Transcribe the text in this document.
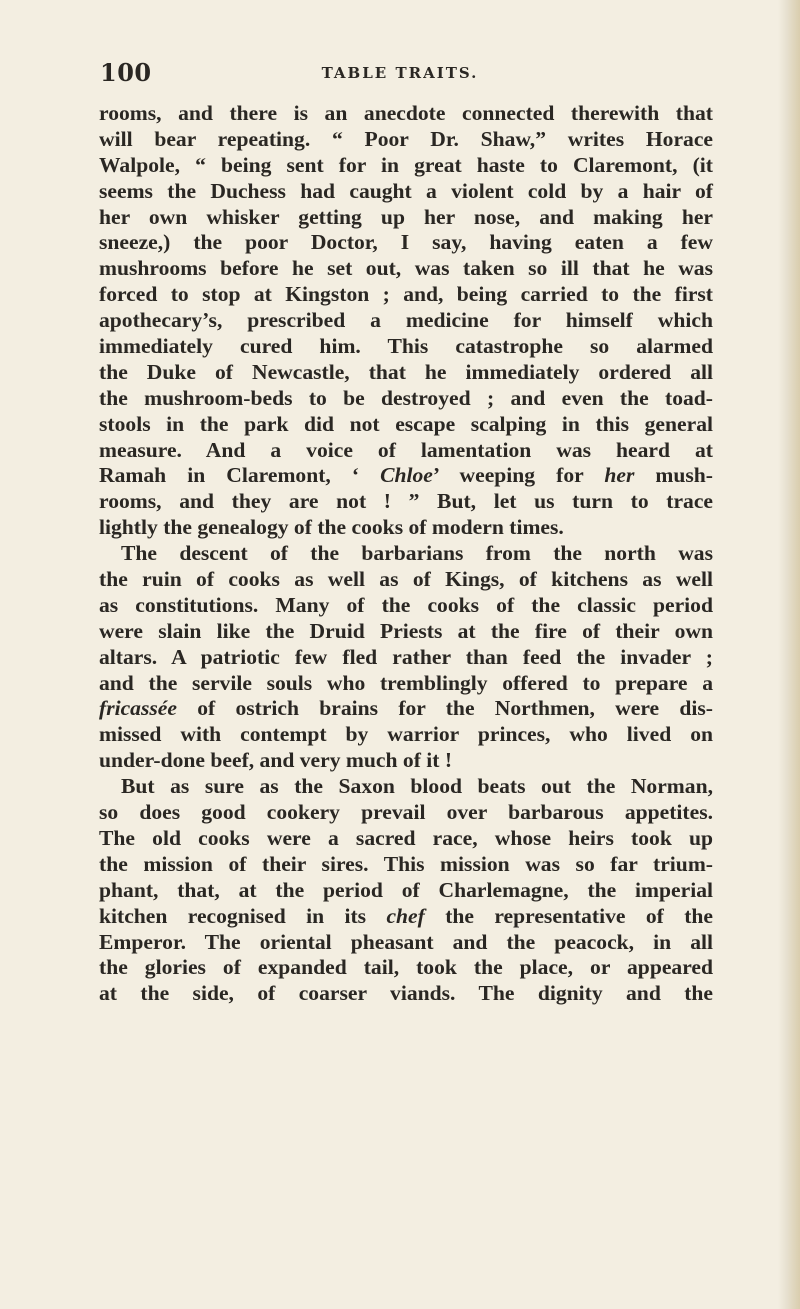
100	TABLE TRAITS.
rooms, and there is an anecdote connected therewith that
will bear repeating. “ Poor Dr. Shaw,” writes Horace
Walpole, “ being sent for in great haste to Claremont, (it
seems the Duchess had caught a violent cold by a hair of
her own whisker getting up her nose, and making her
sneeze,) the poor Doctor, I say, having eaten a few
mushrooms before he set out, was taken so ill that he was
forced to stop at Kingston ; and, being carried to the first
apothecary’s, prescribed a medicine for himself which
immediately cured him. This catastrophe so alarmed
the Duke of Newcastle, that he immediately ordered all
the mushroom-beds to be destroyed ; and even the toad-
stools in the park did not escape scalping in this general
measure. And a voice of lamentation was heard at
Ramah in Claremont, ‘ Chloe’ weeping for her mush-
rooms, and they are not ! ” But, let us turn to trace
lightly the genealogy of the cooks of modern times.
The descent of the barbarians from the north was
the ruin of cooks as well as of Kings, of kitchens as well
as constitutions. Many of the cooks of the classic period
were slain like the Druid Priests at the fire of their own
altars. A patriotic few fled rather than feed the invader ;
and the servile souls who tremblingly offered to prepare a
fricassée of ostrich brains for the Northmen, were dis-
missed with contempt by warrior princes, who lived on
under-done beef, and very much of it !
But as sure as the Saxon blood beats out the Norman,
so does good cookery prevail over barbarous appetites.
The old cooks were a sacred race, whose heirs took up
the mission of their sires. This mission was so far trium-
phant, that, at the period of Charlemagne, the imperial
kitchen recognised in its chef the representative of the
Emperor. The oriental pheasant and the peacock, in all
the glories of expanded tail, took the place, or appeared
at the side, of coarser viands. The dignity and the
